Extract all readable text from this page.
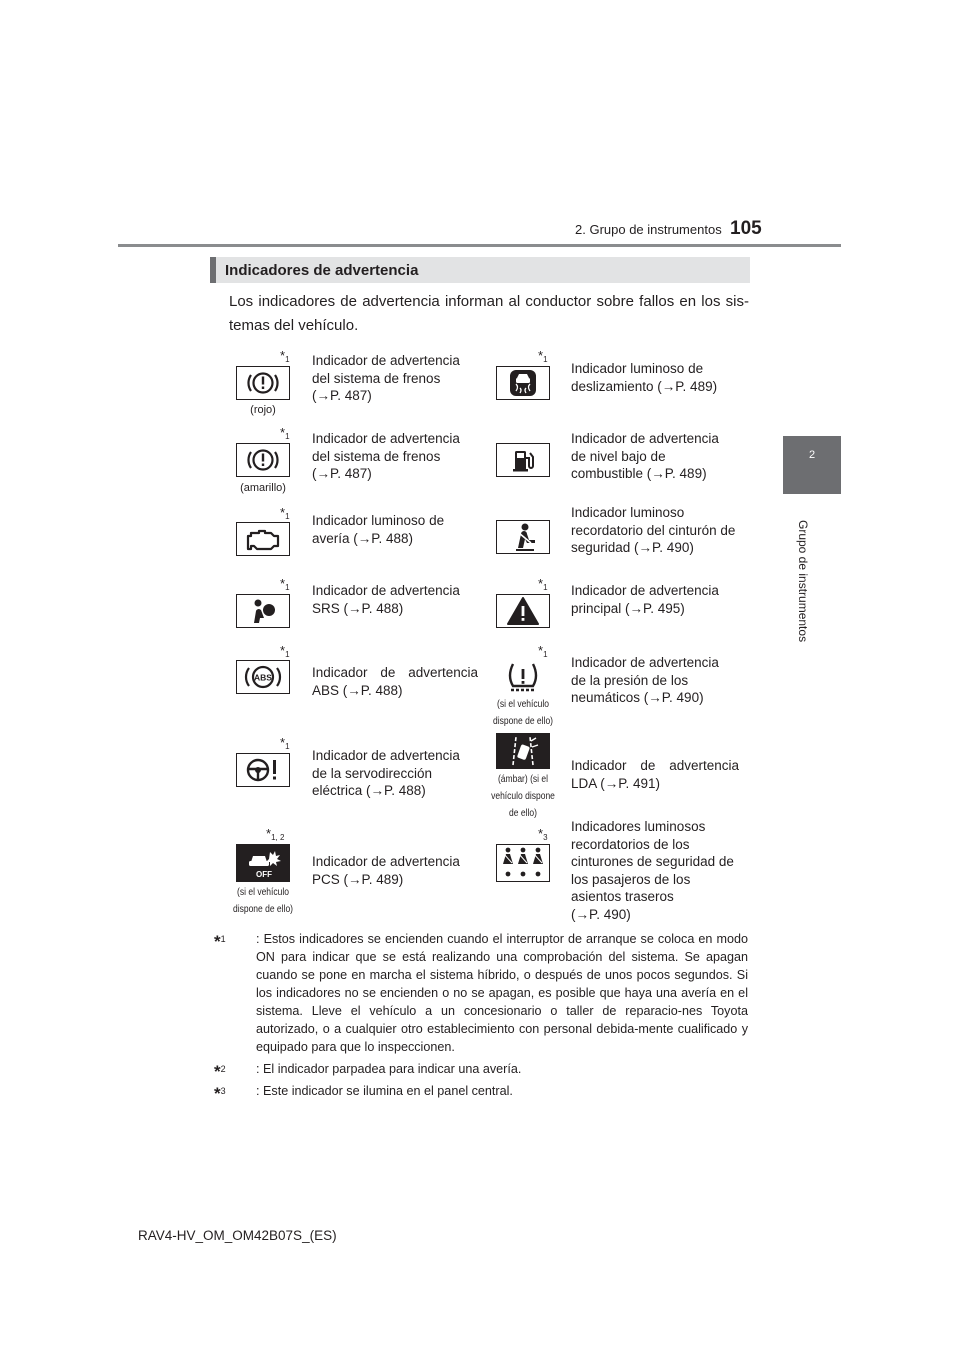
2. Grupo de instrumentos 105
2
Grupo de instrumentos
Indicadores de advertencia
Los indicadores de advertencia informan al conductor sobre fallos en los sis-temas del vehículo.
$*_1$
(rojo)
Indicador de advertencia
del sistema de frenos
(→P. 487)
$*_1$
Indicador luminoso de
deslizamiento (→P. 489)
$*_1$
(amarillo)
Indicador de advertencia
del sistema de frenos
(→P. 487)
Indicador de advertencia
de nivel bajo de
combustible (→P. 489)
$*_1$ Indicador luminoso de
avería (→P. 488)
Indicador luminoso
recordatorio del cinturón de
seguridad (→P. 490)
$*_1$ Indicador de advertencia
SRS (→P. 488)
$*_1$ Indicador de advertencia
principal (→P. 495)
$*_1$
ABS	Indicador de advertencia
ABS (→P. 488)
$*_1$
(si el vehículo dispone de ello)
Indicador de advertencia
de la presión de los
neumáticos (→P. 490)
$*_1$
Indicador de advertencia
de la servodirección
eléctrica (→P. 488)
(ámbar) (si el vehículo dispone de ello)
Indicador de advertencia
LDA (→P. 491)
$*_{1, 2}$
OFF
(si el vehículo dispone de ello)
Indicador de advertencia
PCS (→P. 489)
$*_3$
Indicadores luminosos
recordatorios de los
cinturones de seguridad de
los pasajeros de los
asientos traseros
(→P. 490)
*$^1$ : Estos indicadores se encienden cuando el interruptor de arranque se coloca en modo ON para indicar que se está realizando una comprobación del sistema. Se apagan cuando se pone en marcha el sistema híbrido, o después de unos pocos segundos. Si los indicadores no se encienden o no se apagan, es posible que haya una avería en el sistema. Lleve el vehículo a un concesionario o taller de reparacio-nes Toyota autorizado, o a cualquier otro establecimiento con personal debida-mente cualificado y equipado para que lo inspeccionen.
*$^2$ : El indicador parpadea para indicar una avería.
*$^3$ : Este indicador se ilumina en el panel central.
RAV4-HV_OM_OM42B07S_(ES)
